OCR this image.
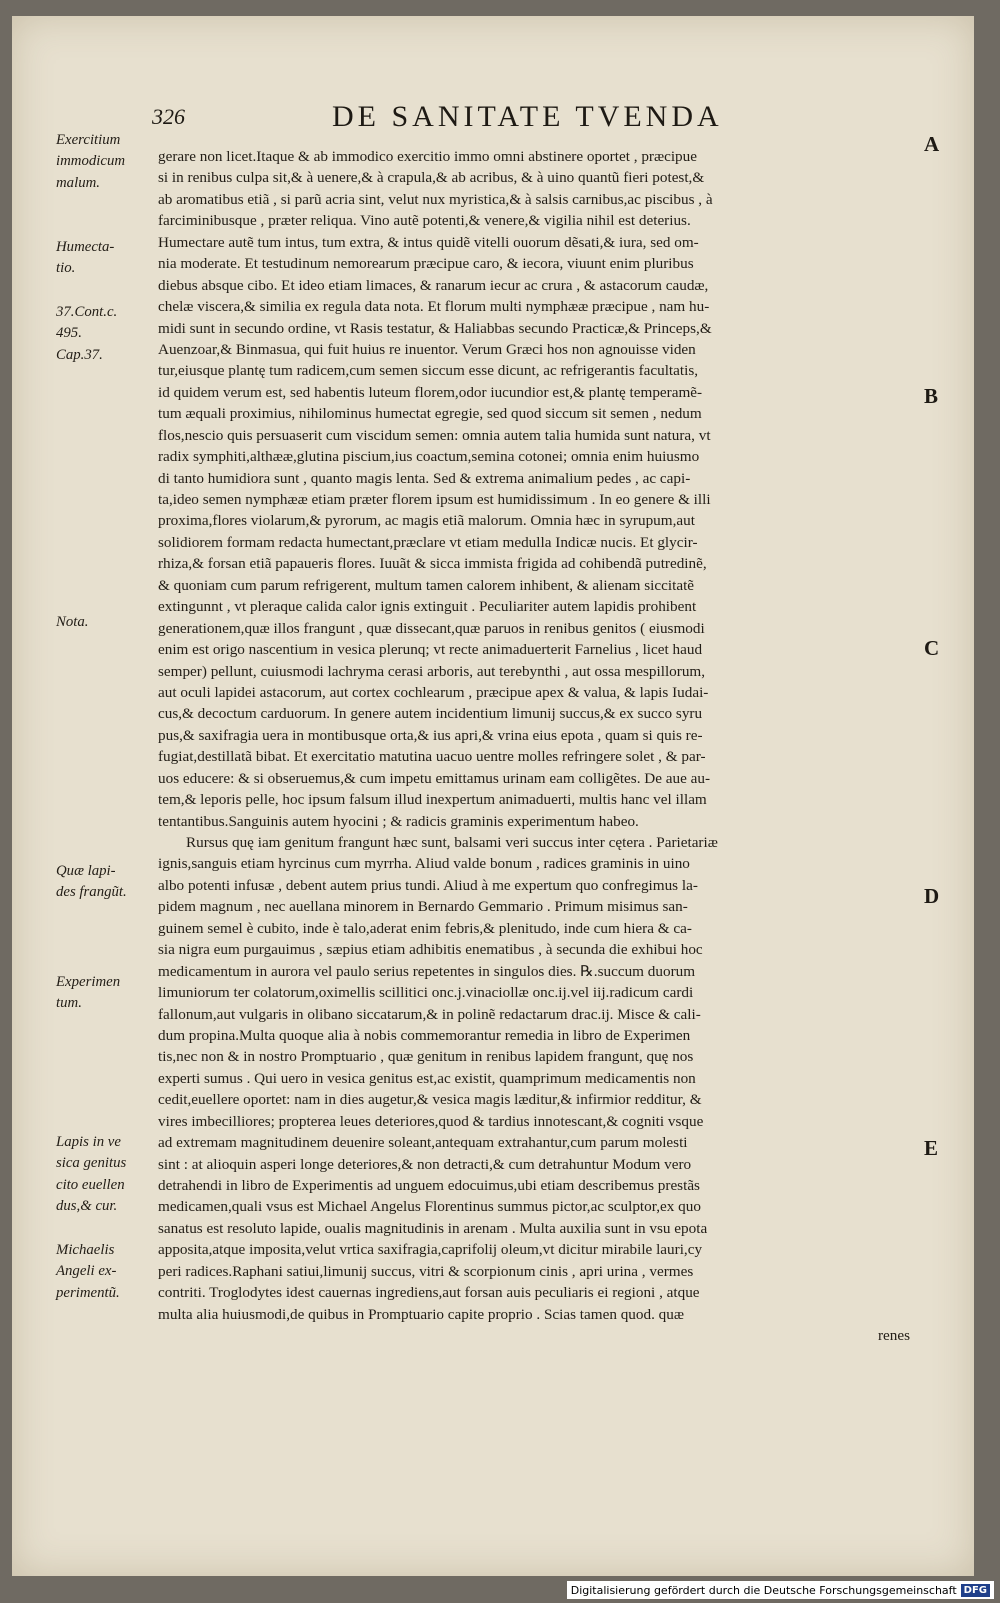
326	DE SANITATE TVENDA
gerare non licet.Itaque & ab immodico exercitio immo omni abstinere oportet , præcipue
si in renibus culpa sit,& à uenere,& à crapula,& ab acribus, & à uino quantũ fieri potest,&
ab aromatibus etiã , si parũ acria sint, velut nux myristica,& à salsis carnibus,ac piscibus , à
farciminibusque , præter reliqua. Vino autẽ potenti,& venere,& vigilia nihil est deterius.
Humectare autẽ tum intus, tum extra, & intus quidẽ vitelli ouorum dẽsati,& iura, sed om-
nia moderate. Et testudinum nemorearum præcipue caro, & iecora, viuunt enim pluribus
diebus absque cibo. Et ideo etiam limaces, & ranarum iecur ac crura , & astacorum caudæ,
chelæ viscera,& similia ex regula data nota. Et florum multi nymphææ præcipue , nam hu-
midi sunt in secundo ordine, vt Rasis testatur, & Haliabbas secundo Practicæ,& Princeps,&
Auenzoar,& Binmasua, qui fuit huius re inuentor. Verum Græci hos non agnouisse viden
tur,eiusque plantę tum radicem,cum semen siccum esse dicunt, ac refrigerantis facultatis,
id quidem verum est, sed habentis luteum florem,odor iucundior est,& plantę temperamẽ-
tum æquali proximius, nihilominus humectat egregie, sed quod siccum sit semen , nedum
flos,nescio quis persuaserit cum viscidum semen: omnia autem talia humida sunt natura, vt
radix symphiti,althææ,glutina piscium,ius coactum,semina cotonei; omnia enim huiusmo
di tanto humidiora sunt , quanto magis lenta. Sed & extrema animalium pedes , ac capi-
ta,ideo semen nymphææ etiam præter florem ipsum est humidissimum . In eo genere & illi
proxima,flores violarum,& pyrorum, ac magis etiã malorum. Omnia hæc in syrupum,aut
solidiorem formam redacta humectant,præclare vt etiam medulla Indicæ nucis. Et glycir-
rhiza,& forsan etiã papaueris flores. Iuuãt & sicca immista frigida ad cohibendã putredinẽ,
& quoniam cum parum refrigerent, multum tamen calorem inhibent, & alienam siccitatẽ
extingunnt , vt pleraque calida calor ignis extinguit . Peculiariter autem lapidis prohibent
generationem,quæ illos frangunt , quæ dissecant,quæ paruos in renibus genitos ( eiusmodi
enim est origo nascentium in vesica plerunq; vt recte animaduerterit Farnelius , licet haud
semper) pellunt, cuiusmodi lachryma cerasi arboris, aut terebynthi , aut ossa mespillorum,
aut oculi lapidei astacorum, aut cortex cochlearum , præcipue apex & valua, & lapis Iudai-
cus,& decoctum carduorum. In genere autem incidentium limunij succus,& ex succo syru
pus,& saxifragia uera in montibusque orta,& ius apri,& vrina eius epota , quam si quis re-
fugiat,destillatã bibat. Et exercitatio matutina uacuo uentre molles refringere solet , & par-
uos educere: & si obseruemus,& cum impetu emittamus urinam eam colligẽtes. De aue au-
tem,& leporis pelle, hoc ipsum falsum illud inexpertum animaduerti, multis hanc vel illam
tentantibus.Sanguinis autem hyocini ; & radicis graminis experimentum habeo.
Rursus quę iam genitum frangunt hæc sunt, balsami veri succus inter cętera . Parietariæ
ignis,sanguis etiam hyrcinus cum myrrha. Aliud valde bonum , radices graminis in uino
albo potenti infusæ , debent autem prius tundi. Aliud à me expertum quo confregimus la-
pidem magnum , nec auellana minorem in Bernardo Gemmario . Primum misimus san-
guinem semel è cubito, inde è talo,aderat enim febris,& plenitudo, inde cum hiera & ca-
sia nigra eum purgauimus , sæpius etiam adhibitis enematibus , à secunda die exhibui hoc
medicamentum in aurora vel paulo serius repetentes in singulos dies. ℞.succum duorum
limuniorum ter colatorum,oximellis scillitici onc.j.vinaciollæ onc.ij.vel iij.radicum cardi
fallonum,aut vulgaris in olibano siccatarum,& in polinẽ redactarum drac.ij. Misce & cali-
dum propina.Multa quoque alia à nobis commemorantur remedia in libro de Experimen
tis,nec non & in nostro Promptuario , quæ genitum in renibus lapidem frangunt, quę nos
experti sumus . Qui uero in vesica genitus est,ac existit, quamprimum medicamentis non
cedit,euellere oportet: nam in dies augetur,& vesica magis læditur,& infirmior redditur, &
vires imbecilliores; propterea leues deteriores,quod & tardius innotescant,& cogniti vsque
ad extremam magnitudinem deuenire soleant,antequam extrahantur,cum parum molesti
sint : at alioquin asperi longe deteriores,& non detracti,& cum detrahuntur Modum vero
detrahendi in libro de Experimentis ad unguem edocuimus,ubi etiam describemus prestãs
medicamen,quali vsus est Michael Angelus Florentinus summus pictor,ac sculptor,ex quo
sanatus est resoluto lapide, oualis magnitudinis in arenam . Multa auxilia sunt in vsu epota
apposita,atque imposita,velut vrtica saxifragia,caprifolij oleum,vt dicitur mirabile lauri,cy
peri radices.Raphani satiui,limunij succus, vitri & scorpionum cinis , apri urina , vermes
contriti. Troglodytes idest cauernas ingrediens,aut forsan auis peculiaris ei regioni , atque
multa alia huiusmodi,de quibus in Promptuario capite proprio . Scias tamen quod. quæ
renes
Exercitium
immodicum
malum.
Humecta-
tio.
37.Cont.c.
495.
Cap.37.
Nota.
Quæ lapi-
des frangũt.
Experimen
tum.
Lapis in ve
sica genitus
cito euellen
dus,& cur.
Michaelis
Angeli ex-
perimentũ.
A
B
C
D
E
Digitalisierung gefördert durch die Deutsche Forschungsgemeinschaft DFG
